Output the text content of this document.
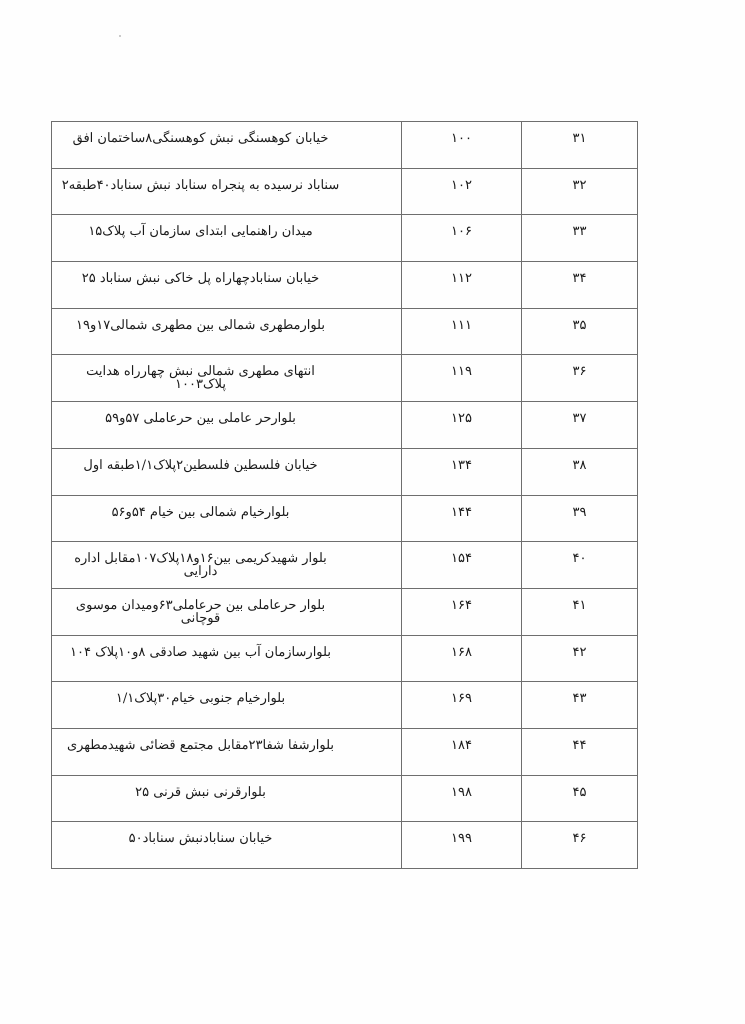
۳۱	۱۰۰	خیابان کوهسنگی نبش کوهسنگی۸ساختمان افق

۳۲	۱۰۲	سناباد نرسیده به پنجراه سناباد نبش سناباد۴۰طبقه۲

۳۳	۱۰۶	میدان راهنمایی ابتدای سازمان آب پلاک۱۵

۳۴	۱۱۲	خیابان سنابادچهاراه پل خاکی نبش سناباد ۲۵

۳۵	۱۱۱	بلوارمطهری شمالی بین مطهری شمالی۱۷و۱۹

۳۶	۱۱۹	انتهای مطهری شمالی نبش چهارراه هدایت پلاک۱۰۰۳

۳۷	۱۲۵	بلوارحر عاملی بین حرعاملی ۵۷و۵۹

۳۸	۱۳۴	خیابان فلسطین فلسطین۲پلاک۱/۱طبقه اول

۳۹	۱۴۴	بلوارخیام شمالی بین خیام ۵۴و۵۶

۴۰	۱۵۴	بلوار شهیدکریمی بین۱۶و۱۸پلاک۱۰۷مقابل اداره دارایی

۴۱	۱۶۴	بلوار حرعاملی بین حرعاملی۶۳ومیدان موسوی قوچانی

۴۲	۱۶۸	بلوارسازمان آب بین شهید صادقی ۸و۱۰پلاک ۱۰۴

۴۳	۱۶۹	بلوارخیام جنوبی خیام۳۰پلاک۱/۱

۴۴	۱۸۴	بلوارشفا شفا۲۳مقابل مجتمع قضائی شهیدمطهری

۴۵	۱۹۸	بلوارقرنی نبش قرنی ۲۵

۴۶	۱۹۹	خیابان سنابادنبش سناباد۵۰
